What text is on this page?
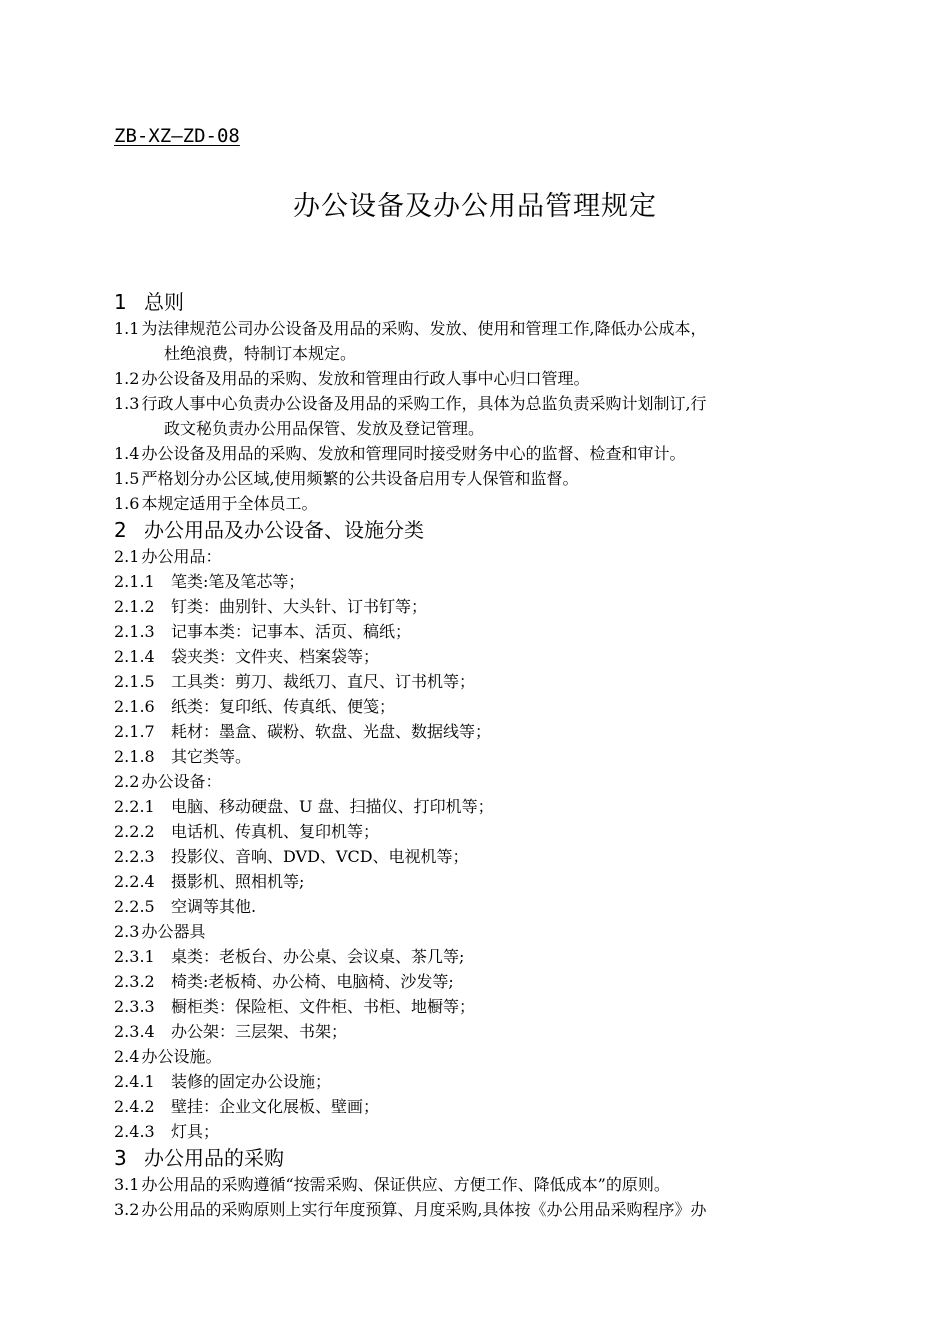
ZB-XZ—ZD-08
办公设备及办公用品管理规定
1 总则
1.1 为法律规范公司办公设备及用品的采购、发放、使用和管理工作,降低办公成本，
杜绝浪费，特制订本规定。
1.2 办公设备及用品的采购、发放和管理由行政人事中心归口管理。
1.3 行政人事中心负责办公设备及用品的采购工作，具体为总监负责采购计划制订,行
政文秘负责办公用品保管、发放及登记管理。
1.4 办公设备及用品的采购、发放和管理同时接受财务中心的监督、检查和审计。
1.5 严格划分办公区域,使用频繁的公共设备启用专人保管和监督。
1.6 本规定适用于全体员工。
2 办公用品及办公设备、设施分类
2.1 办公用品：
2.1.1 笔类:笔及笔芯等；
2.1.2 钉类：曲别针、大头针、订书钉等；
2.1.3 记事本类：记事本、活页、稿纸；
2.1.4 袋夹类：文件夹、档案袋等；
2.1.5 工具类：剪刀、裁纸刀、直尺、订书机等；
2.1.6 纸类：复印纸、传真纸、便笺；
2.1.7 耗材：墨盒、碳粉、软盘、光盘、数据线等；
2.1.8 其它类等。
2.2 办公设备：
2.2.1 电脑、移动硬盘、U 盘、扫描仪、打印机等；
2.2.2 电话机、传真机、复印机等；
2.2.3 投影仪、音响、DVD、VCD、电视机等；
2.2.4 摄影机、照相机等;
2.2.5 空调等其他.
2.3 办公器具
2.3.1 桌类：老板台、办公桌、会议桌、茶几等;
2.3.2 椅类:老板椅、办公椅、电脑椅、沙发等;
2.3.3 橱柜类：保险柜、文件柜、书柜、地橱等；
2.3.4 办公架：三层架、书架；
2.4 办公设施。
2.4.1 装修的固定办公设施；
2.4.2 壁挂：企业文化展板、壁画；
2.4.3 灯具；
3 办公用品的采购
3.1 办公用品的采购遵循“按需采购、保证供应、方便工作、降低成本”的原则。
3.2 办公用品的采购原则上实行年度预算、月度采购,具体按《办公用品采购程序》办
